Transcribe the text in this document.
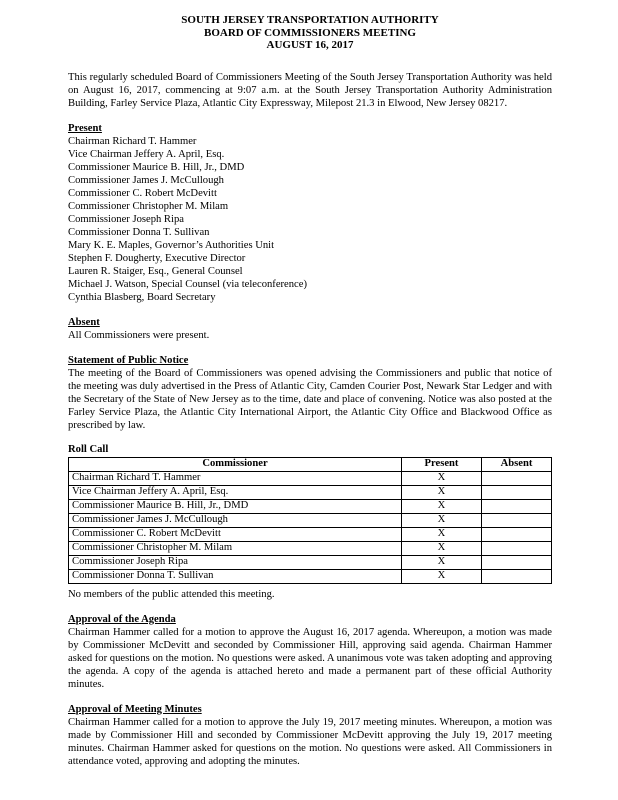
SOUTH JERSEY TRANSPORTATION AUTHORITY
BOARD OF COMMISSIONERS MEETING
AUGUST 16, 2017

This regularly scheduled Board of Commissioners Meeting of the South Jersey Transportation Authority was held on August 16, 2017, commencing at 9:07 a.m. at the South Jersey Transportation Authority Administration Building, Farley Service Plaza, Atlantic City Expressway, Milepost 21.3 in Elwood, New Jersey 08217.

Present
Chairman Richard T. Hammer
Vice Chairman Jeffery A. April, Esq.
Commissioner Maurice B. Hill, Jr., DMD
Commissioner James J. McCullough
Commissioner C. Robert McDevitt
Commissioner Christopher M. Milam
Commissioner Joseph Ripa
Commissioner Donna T. Sullivan
Mary K. E. Maples, Governor’s Authorities Unit
Stephen F. Dougherty, Executive Director
Lauren R. Staiger, Esq., General Counsel
Michael J. Watson, Special Counsel (via teleconference)
Cynthia Blasberg, Board Secretary
Absent

All Commissioners were present.

Statement of Public Notice

The meeting of the Board of Commissioners was opened advising the Commissioners and public that notice of the meeting was duly advertised in the Press of Atlantic City, Camden Courier Post, Newark Star Ledger and with the Secretary of the State of New Jersey as to the time, date and place of convening. Notice was also posted at the Farley Service Plaza, the Atlantic City International Airport, the Atlantic City Office and Blackwood Office as prescribed by law.

Roll Call
Commissioner	Present	Absent
Chairman Richard T. Hammer	X	
Vice Chairman Jeffery A. April, Esq.	X	
Commissioner Maurice B. Hill, Jr., DMD	X	
Commissioner James J. McCullough	X	
Commissioner C. Robert McDevitt	X	
Commissioner Christopher M. Milam	X	
Commissioner Joseph Ripa	X	
Commissioner Donna T. Sullivan	X	
No members of the public attended this meeting.
Approval of the Agenda

Chairman Hammer called for a motion to approve the August 16, 2017 agenda. Whereupon, a motion was made by Commissioner McDevitt and seconded by Commissioner Hill, approving said agenda. Chairman Hammer asked for questions on the motion. No questions were asked. A unanimous vote was taken adopting and approving the agenda. A copy of the agenda is attached hereto and made a permanent part of these official Authority minutes.

Approval of Meeting Minutes

Chairman Hammer called for a motion to approve the July 19, 2017 meeting minutes. Whereupon, a motion was made by Commissioner Hill and seconded by Commissioner McDevitt approving the July 19, 2017 meeting minutes. Chairman Hammer asked for questions on the motion. No questions were asked. All Commissioners in attendance voted, approving and adopting the minutes.
